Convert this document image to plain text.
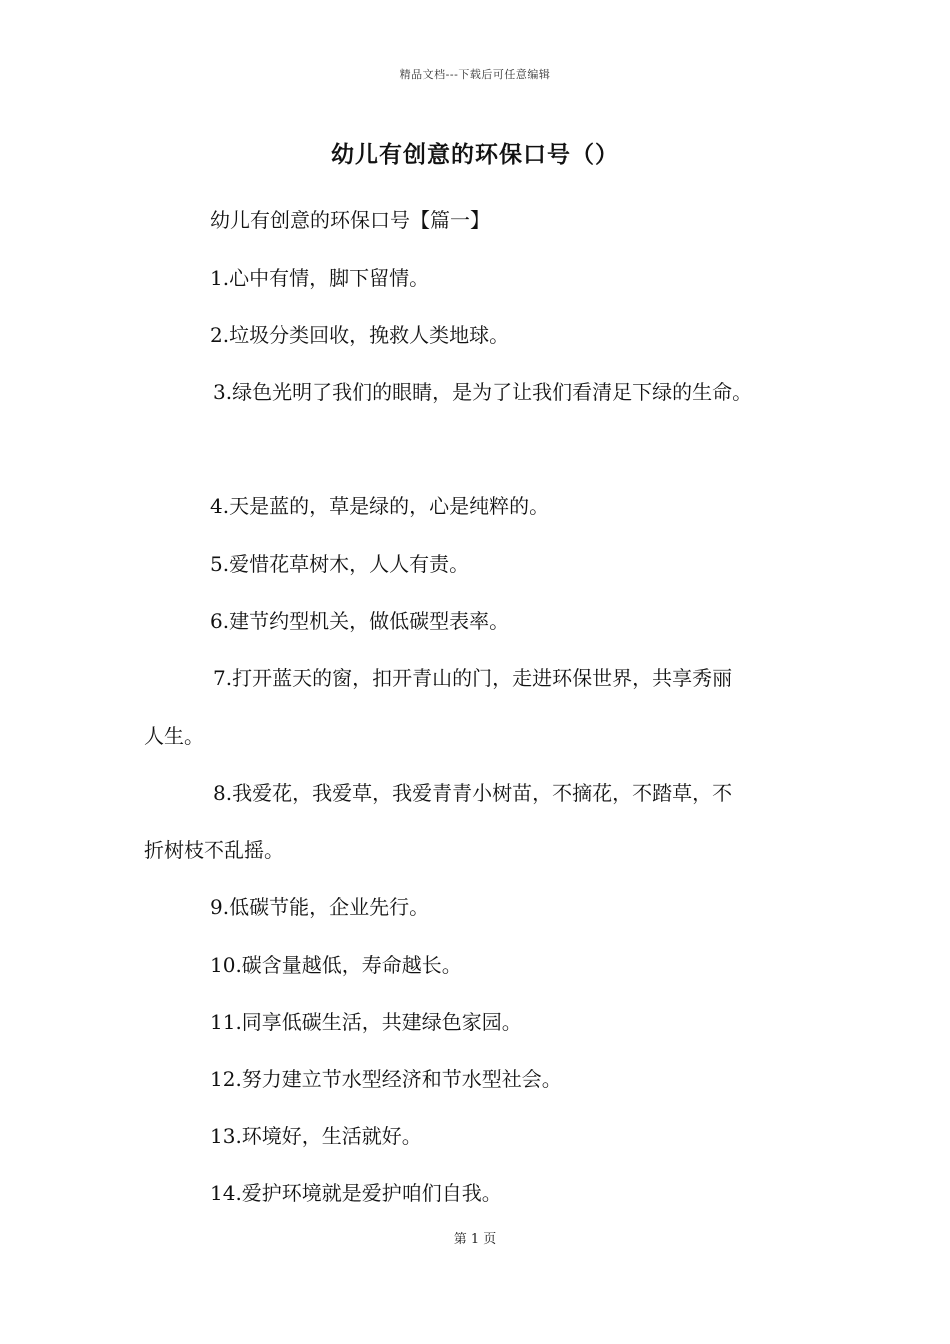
精品文档---下载后可任意编辑
幼儿有创意的环保口号（）
幼儿有创意的环保口号【篇一】
1.心中有情，脚下留情。
2.垃圾分类回收，挽救人类地球。
3.绿色光明了我们的眼睛，是为了让我们看清足下绿的生命。
4.天是蓝的，草是绿的，心是纯粹的。
5.爱惜花草树木，人人有责。
6.建节约型机关，做低碳型表率。
7.打开蓝天的窗，扣开青山的门，走进环保世界，共享秀丽
人生。
8.我爱花，我爱草，我爱青青小树苗，不摘花，不踏草，不
折树枝不乱摇。
9.低碳节能，企业先行。
10.碳含量越低，寿命越长。
11.同享低碳生活，共建绿色家园。
12.努力建立节水型经济和节水型社会。
13.环境好，生活就好。
14.爱护环境就是爱护咱们自我。
第 1 页
